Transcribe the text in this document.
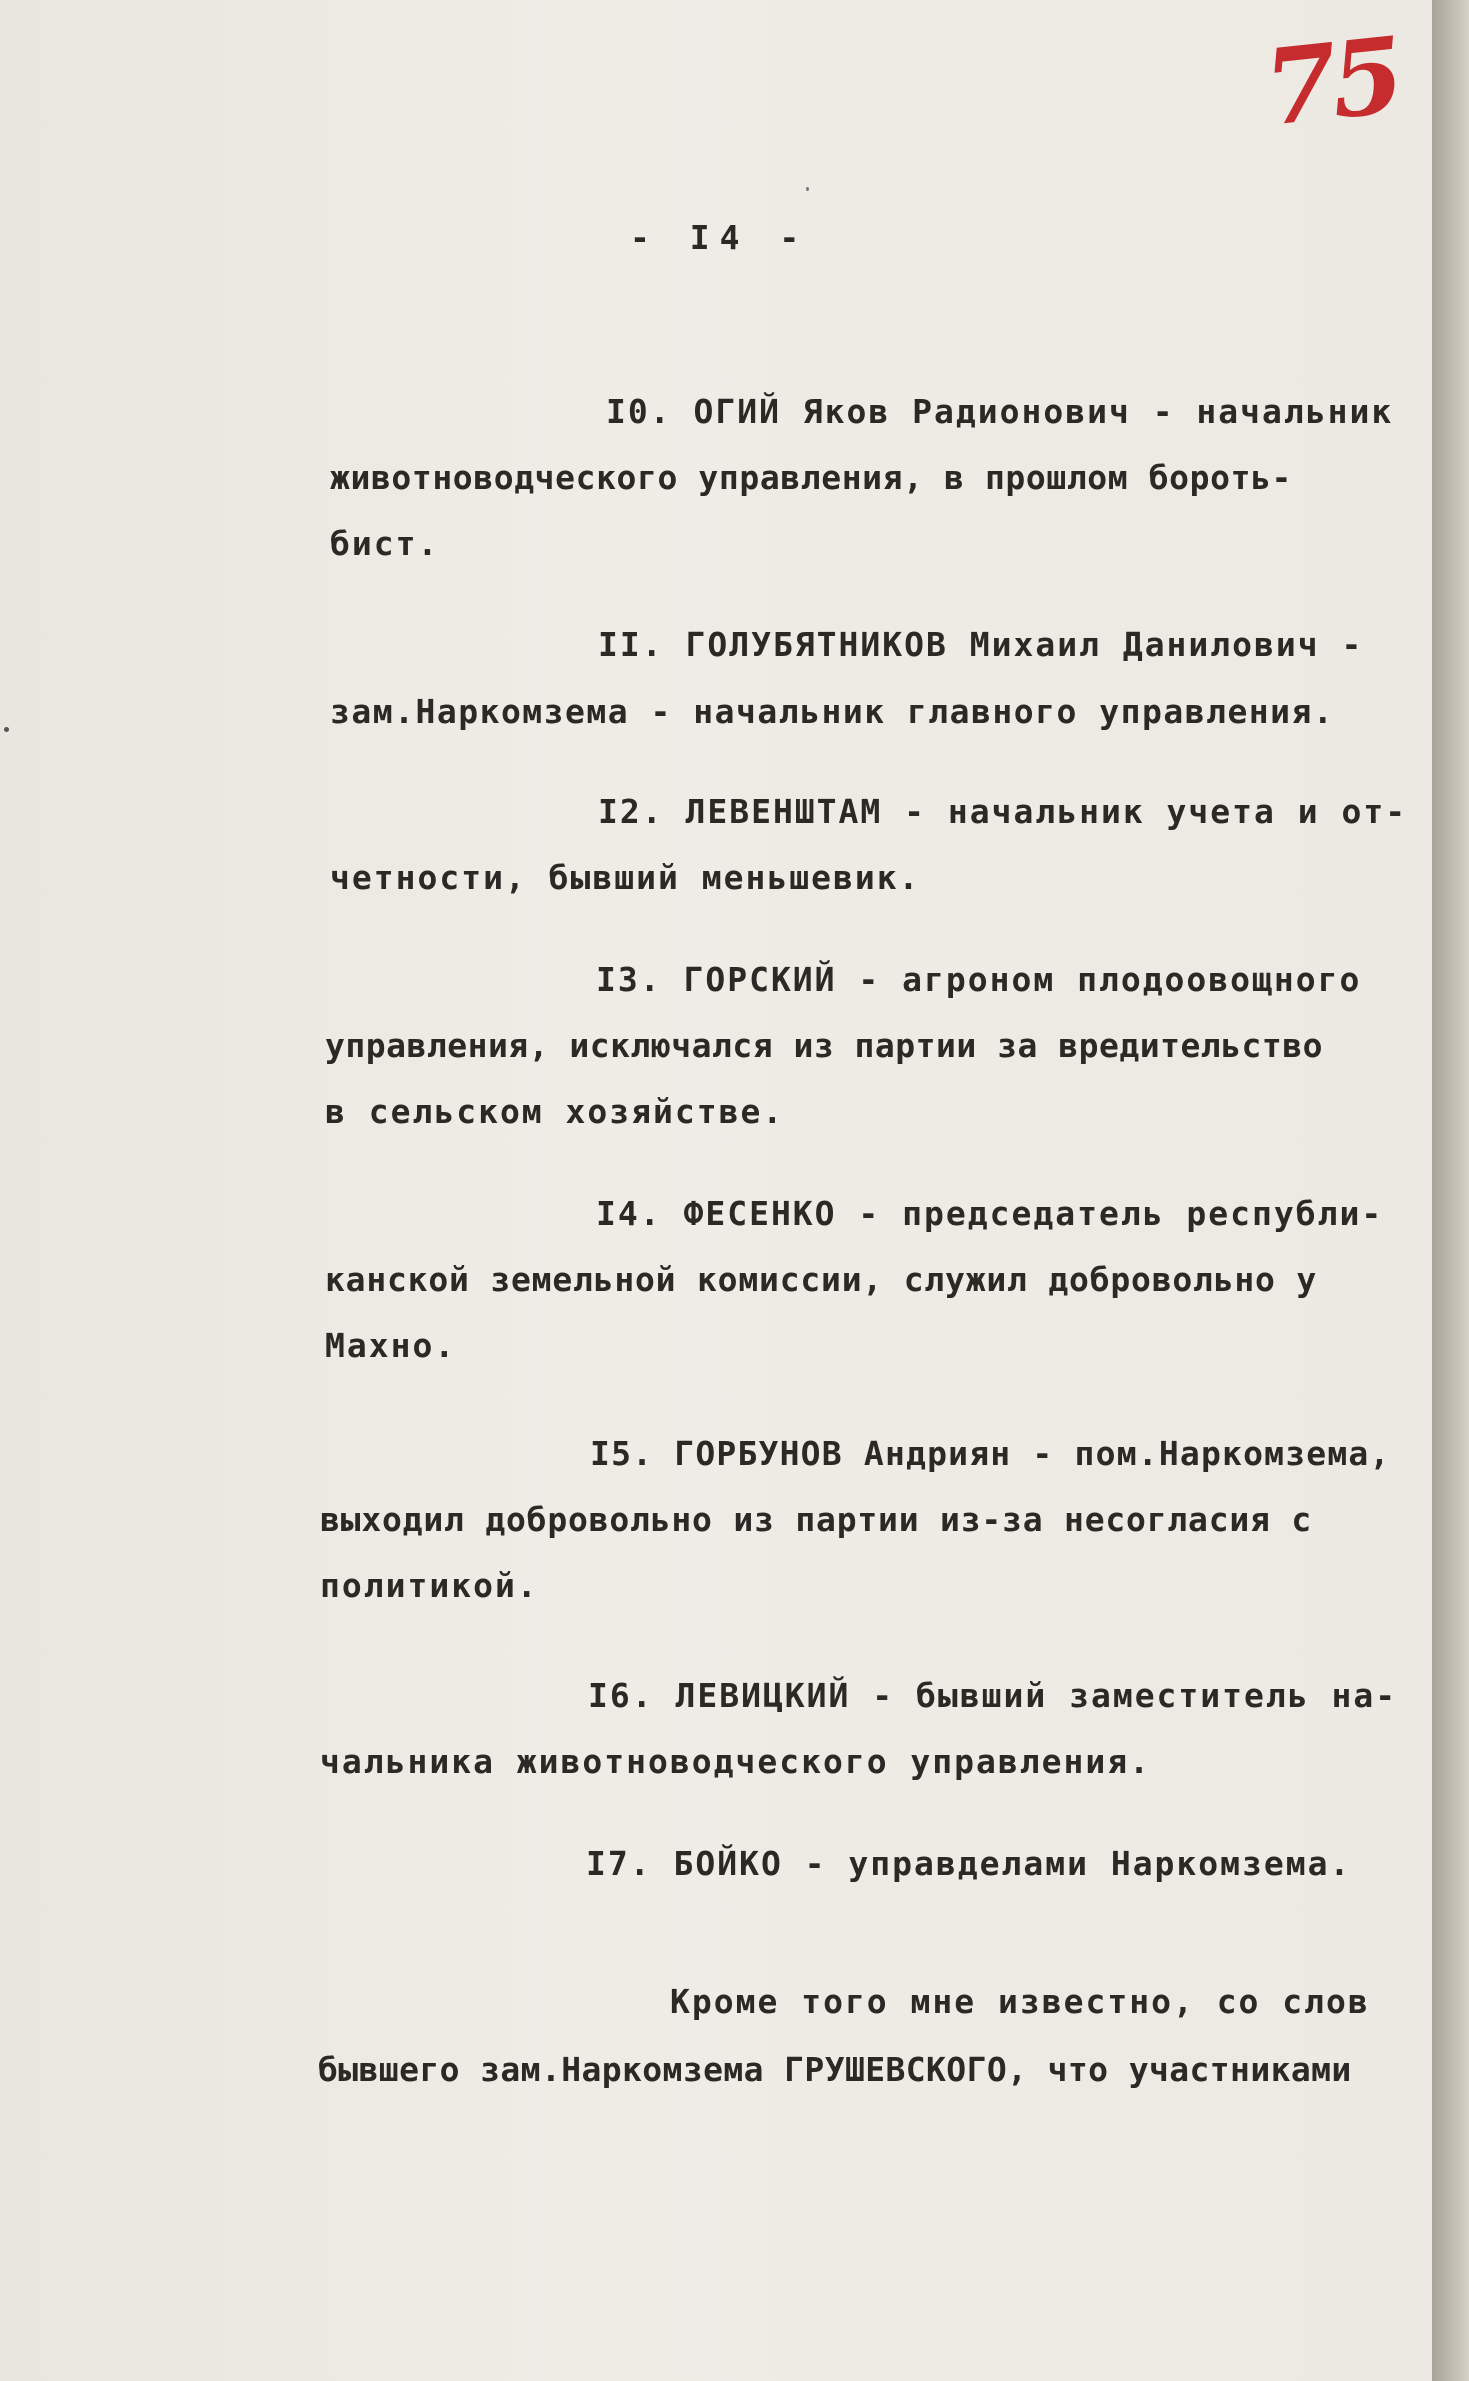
75
- I4 -
I0. ОГИЙ Яков Радионович - начальник
животноводческого управления, в прошлом бороть-
бист.
II. ГОЛУБЯТНИКОВ Михаил Данилович -
зам.Наркомзема - начальник главного управления.
I2. ЛЕВЕНШТАМ - начальник учета и от-
четности, бывший меньшевик.
I3. ГОРСКИЙ - агроном плодоовощного
управления, исключался из партии за вредительство
в сельском хозяйстве.
I4. ФЕСЕНКО - председатель республи-
канской земельной комиссии, служил добровольно у
Махно.
I5. ГОРБУНОВ Андриян - пом.Наркомзема,
выходил добровольно из партии из-за несогласия с
политикой.
I6. ЛЕВИЦКИЙ - бывший заместитель на-
чальника животноводческого управления.
I7. БОЙКО - управделами Наркомзема.
Кроме того мне известно, со слов
бывшего зам.Наркомзема ГРУШЕВСКОГО, что участниками
